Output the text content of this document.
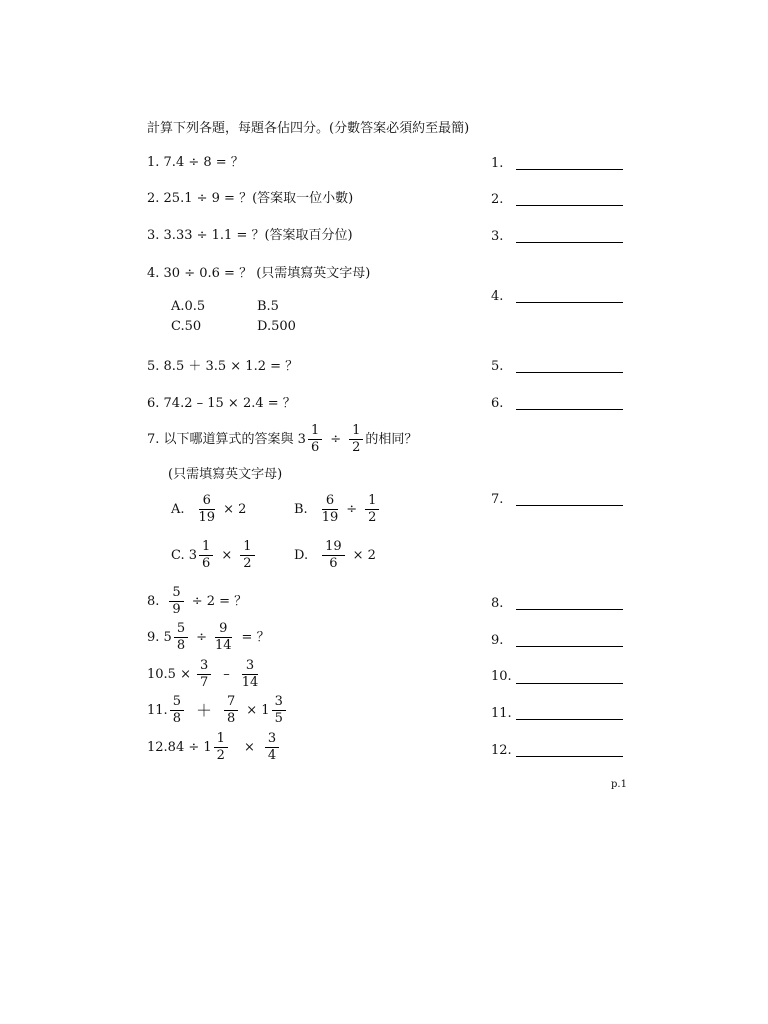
計算下列各題，每題各佔四分。(分數答案必須約至最簡)
1. 7.4 ÷ 8 = ？
2. 25.1 ÷ 9 = ？(答案取一位小數)
3. 3.33 ÷ 1.1 = ？(答案取百分位)
4. 30 ÷ 0.6 = ？ (只需填寫英文字母)
A.0.5	B.5
C.50	D.500
5. 8.5 ＋ 3.5 × 1.2 = ？
6. 74.2 – 15 × 2.4 = ？
7. 以下哪道算式的答案與 $3 \frac{1}{6} \div \frac{1}{2}$ 的相同？
(只需填寫英文字母)
A. $\frac{6}{19} \times 2$	B. $\frac{6}{19} \div \frac{1}{2}$
C. $3 \frac{1}{6} \times \frac{1}{2}$	D. $\frac{19}{6} \times 2$
8. $\frac{5}{9} \div 2$ = ？
9. $5 \frac{5}{8} \div \frac{9}{14}$ = ？
$10.5 \times \frac{3}{7} - \frac{3}{14}$
11. $\frac{5}{8} + \frac{7}{8} \times 1 \frac{3}{5}$
$12.84 \div 1 \frac{1}{2} \times \frac{3}{4}$
1.
2.
3.
4.
5.
6.
7.
8.
9.
10.
11.
12.
p.1
